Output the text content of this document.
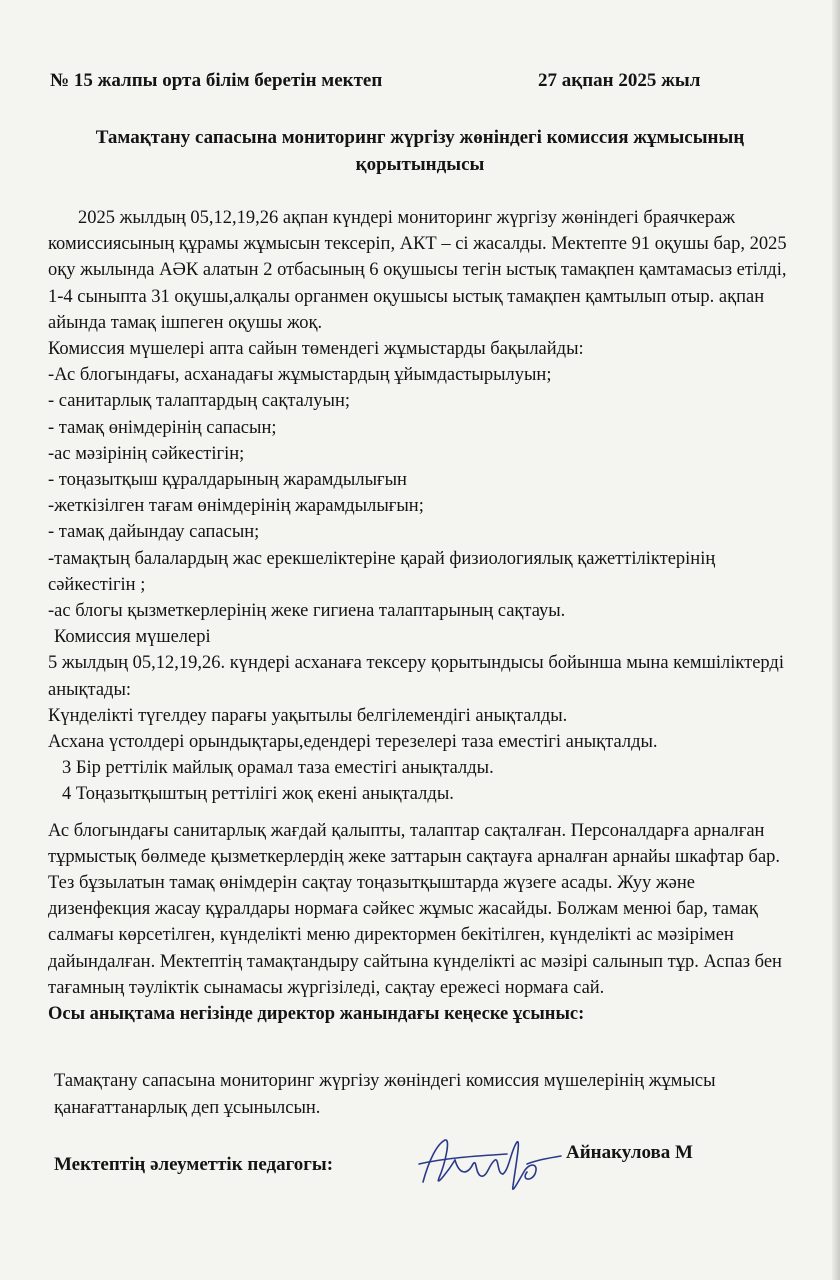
№ 15 жалпы орта білім беретін мектеп	27 ақпан 2025 жыл
Тамақтану сапасына мониторинг жүргізу жөніндегі комиссия жұмысының қорытындысы

2025 жылдың 05,12,19,26 ақпан күндері мониторинг жүргізу жөніндегі браячкераж комиссиясының құрамы жұмысын тексеріп, АКТ – сі жасалды. Мектепте 91 оқушы бар, 2025 оқу жылында АӘК алатын 2 отбасының 6 оқушысы тегін ыстық тамақпен қамтамасыз етілді, 1-4 сыныпта 31 оқушы,алқалы органмен оқушысы ыстық тамақпен қамтылып отыр. ақпан айында тамақ ішпеген оқушы жоқ.

Комиссия мүшелері апта сайын төмендегі жұмыстарды бақылайды:

-Ас блогындағы, асханадағы жұмыстардың ұйымдастырылуын;

- санитарлық талаптардың сақталуын;

- тамақ өнімдерінің сапасын;

-ас мәзірінің сәйкестігін;

- тоңазытқыш құралдарының жарамдылығын

-жеткізілген тағам өнімдерінің жарамдылығын;

- тамақ дайындау сапасын;

-тамақтың балалардың жас ерекшеліктеріне қарай физиологиялық қажеттіліктерінің сәйкестігін ;

-ас блогы қызметкерлерінің жеке гигиена талаптарының сақтауы.

Комиссия мүшелері

5 жылдың 05,12,19,26. күндері асханаға тексеру қорытындысы бойынша мына кемшіліктерді анықтады:

Күнделікті түгелдеу парағы уақытылы белгілемендігі анықталды.

Асхана үстолдері орындықтары,едендері терезелері таза еместігі анықталды.

3 Бір реттілік майлық орамал таза еместігі анықталды.

4 Тоңазытқыштың реттілігі жоқ екені анықталды.

Ас блогындағы санитарлық жағдай қалыпты, талаптар сақталған. Персоналдарға арналған тұрмыстық бөлмеде қызметкерлердің жеке заттарын сақтауға арналған арнайы шкафтар бар. Тез бұзылатын тамақ өнімдерін сақтау тоңазытқыштарда жүзеге асады. Жуу және дизенфекция жасау құралдары нормаға сәйкес жұмыс жасайды. Болжам менюі бар, тамақ салмағы көрсетілген, күнделікті меню директормен бекітілген, күнделікті ас мәзірімен дайындалған. Мектептің тамақтандыру сайтына күнделікті ас мәзірі салынып тұр. Аспаз бен тағамның тәуліктік сынамасы жүргізіледі, сақтау ережесі нормаға сай.

Осы анықтама негізінде директор жанындағы кеңеске ұсыныс:

Тамақтану сапасына мониторинг жүргізу жөніндегі комиссия мүшелерінің жұмысы қанағаттанарлық деп ұсынылсын.

Мектептің әлеуметтік педагогы:
Айнакулова М
